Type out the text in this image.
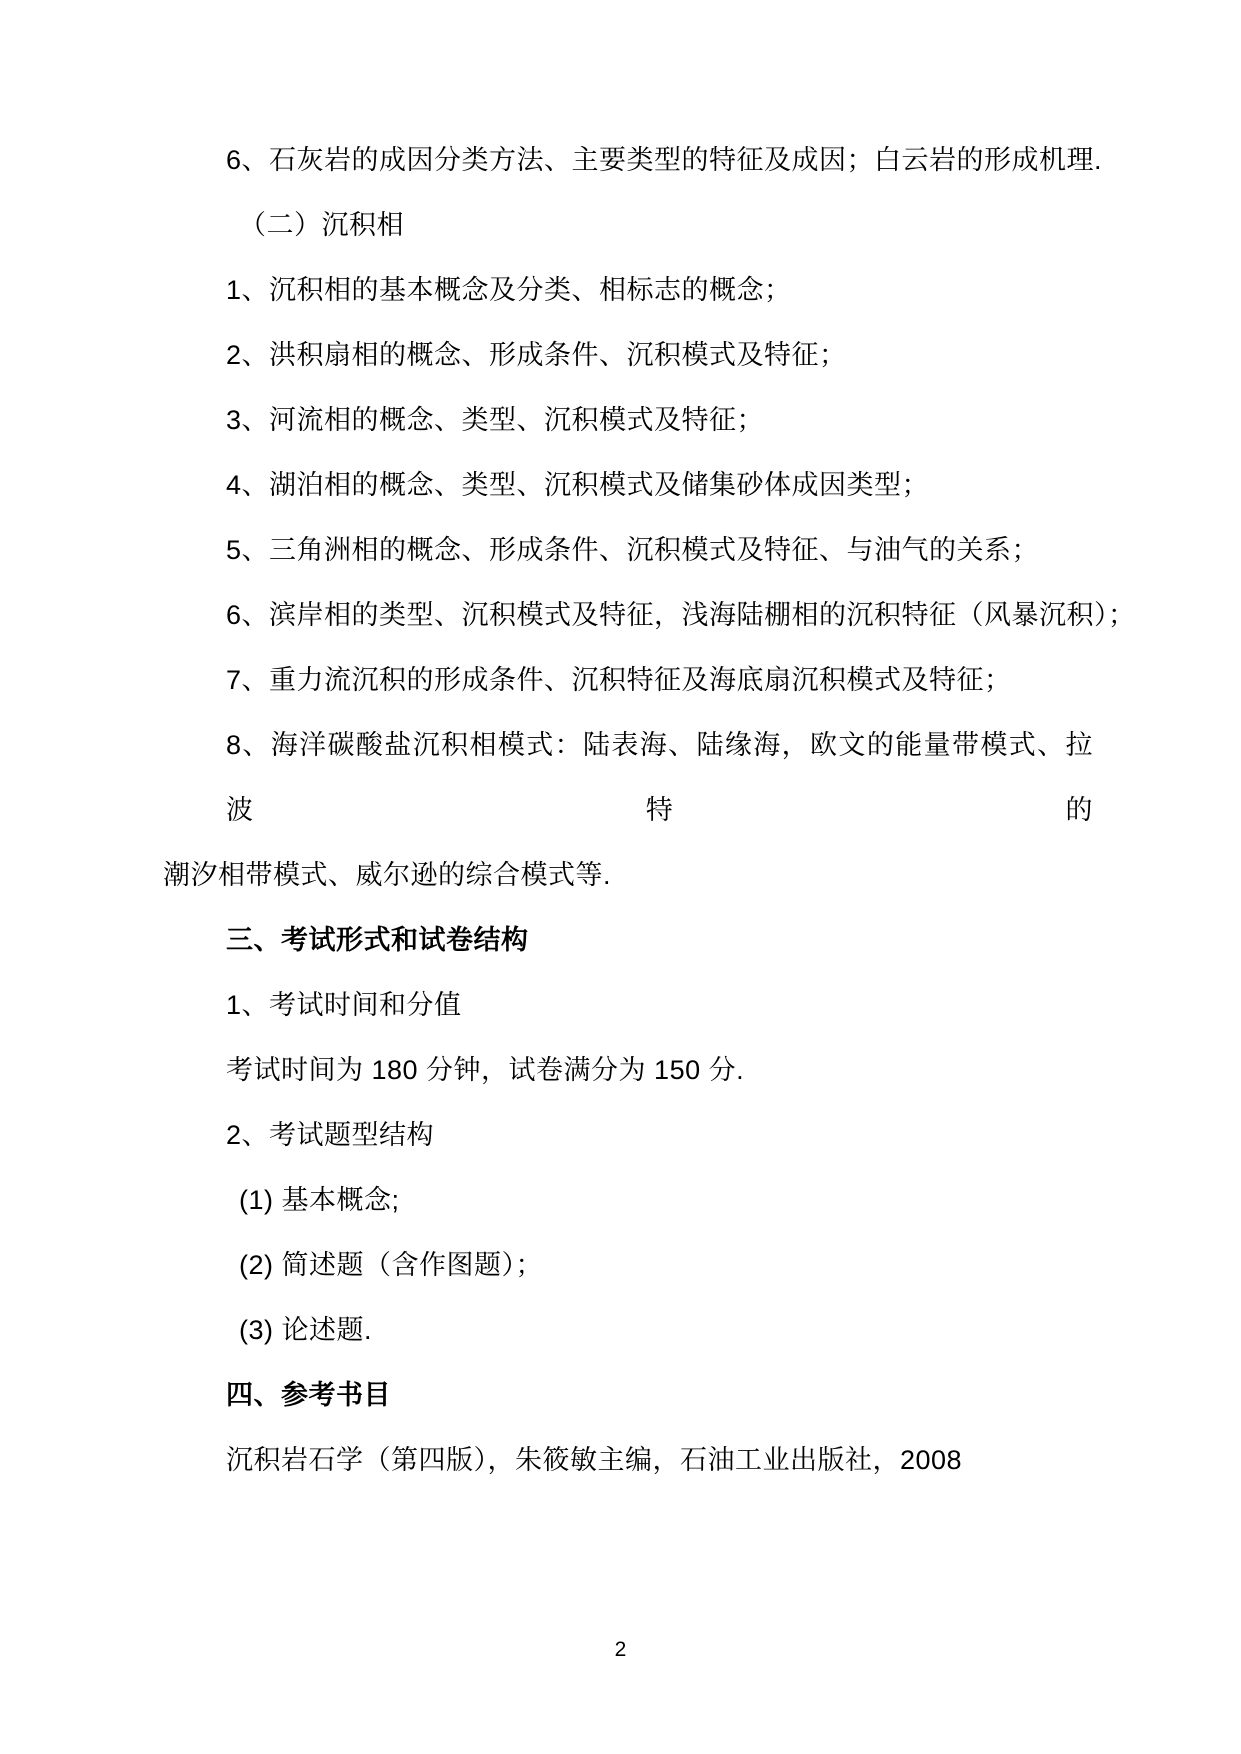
6、石灰岩的成因分类方法、主要类型的特征及成因；白云岩的形成机理.
（二）沉积相
1、沉积相的基本概念及分类、相标志的概念；
2、洪积扇相的概念、形成条件、沉积模式及特征；
3、河流相的概念、类型、沉积模式及特征；
4、湖泊相的概念、类型、沉积模式及储集砂体成因类型；
5、三角洲相的概念、形成条件、沉积模式及特征、与油气的关系；
6、滨岸相的类型、沉积模式及特征，浅海陆棚相的沉积特征（风暴沉积）；
7、重力流沉积的形成条件、沉积特征及海底扇沉积模式及特征；
8、海洋碳酸盐沉积相模式：陆表海、陆缘海，欧文的能量带模式、拉波特的
潮汐相带模式、威尔逊的综合模式等.
三、考试形式和试卷结构
1、考试时间和分值
考试时间为 180 分钟，试卷满分为 150 分.
2、考试题型结构
(1) 基本概念;
(2) 简述题（含作图题）；
(3) 论述题.
四、参考书目
沉积岩石学（第四版），朱筱敏主编，石油工业出版社，2008
2
